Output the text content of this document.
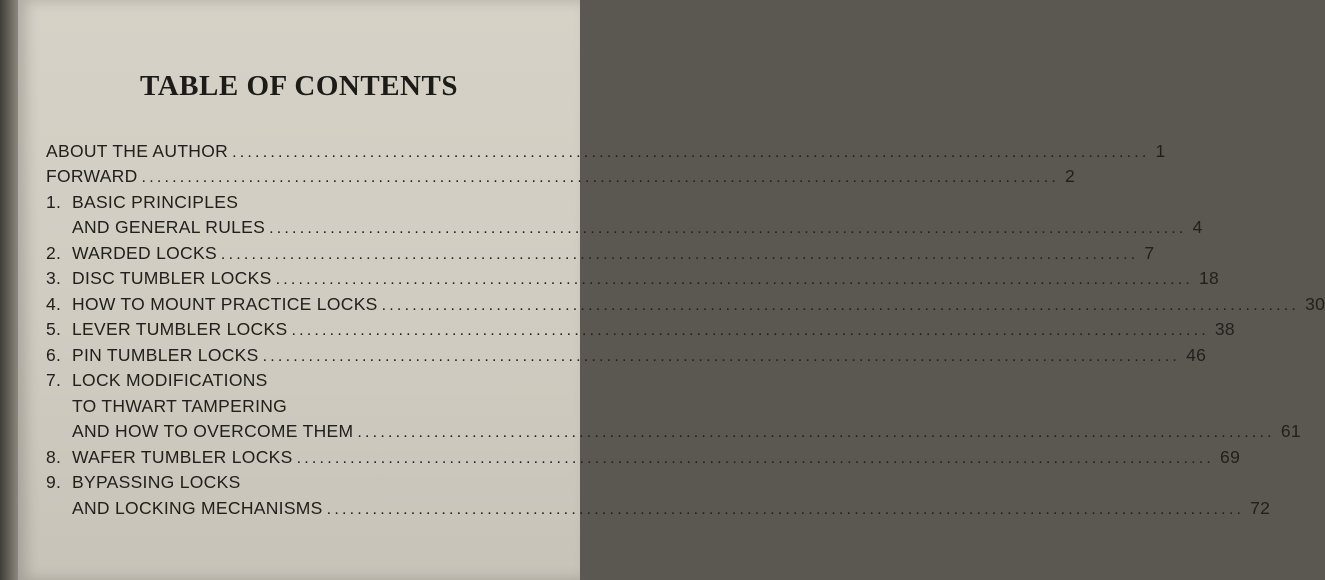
TABLE OF CONTENTS
ABOUT THE AUTHOR ........................................................................................................................ 1
FORWARD ........................................................................................................................ 2
1. BASIC PRINCIPLES
AND GENERAL RULES ........................................................................................................................ 4
2. WARDED LOCKS ........................................................................................................................ 7
3. DISC TUMBLER LOCKS ........................................................................................................................ 18
4. HOW TO MOUNT PRACTICE LOCKS ........................................................................................................................ 30
5. LEVER TUMBLER LOCKS ........................................................................................................................ 38
6. PIN TUMBLER LOCKS ........................................................................................................................ 46
7. LOCK MODIFICATIONS
TO THWART TAMPERING
AND HOW TO OVERCOME THEM ........................................................................................................................ 61
8. WAFER TUMBLER LOCKS ........................................................................................................................ 69
9. BYPASSING LOCKS
AND LOCKING MECHANISMS ........................................................................................................................ 72
